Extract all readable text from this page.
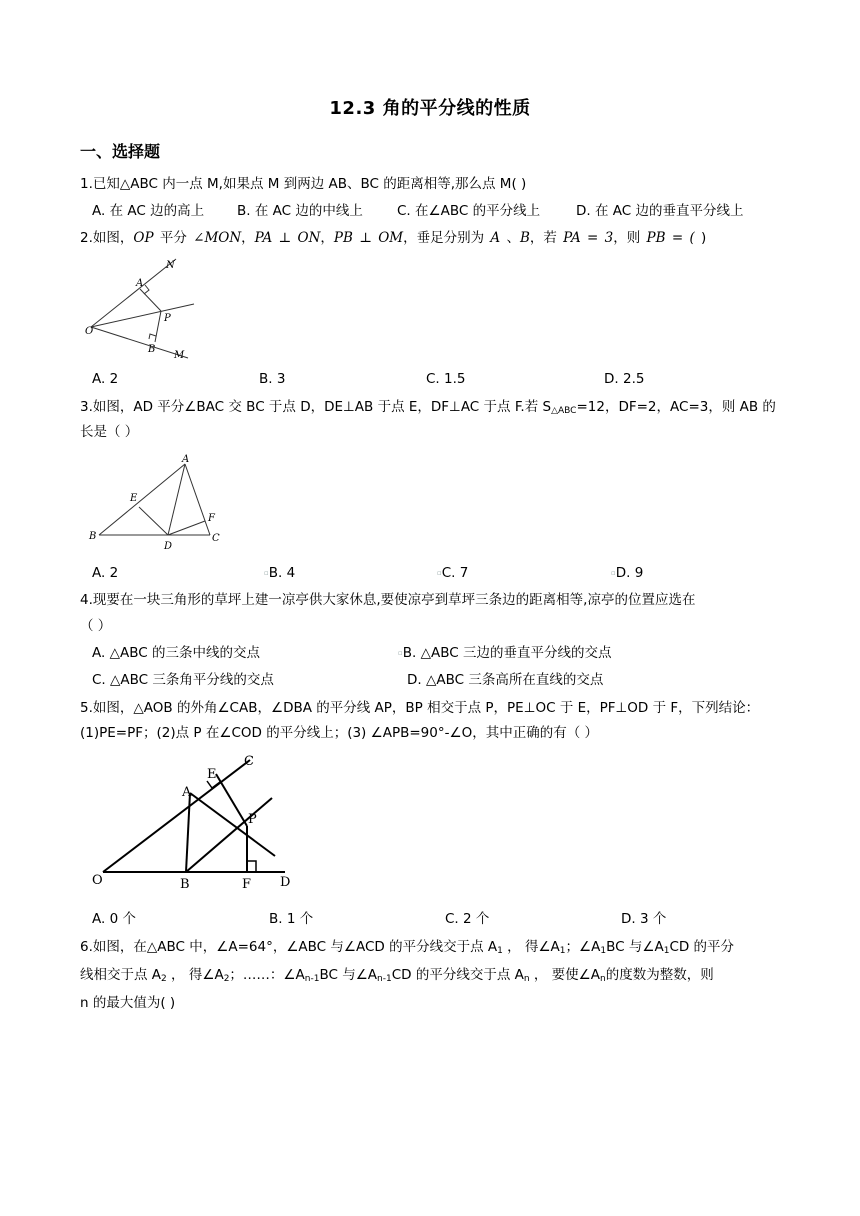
12.3 角的平分线的性质
一、选择题
1.已知△ABC 内一点 M,如果点 M 到两边 AB、BC 的距离相等,那么点 M( )
A. 在 AC 边的高上 B. 在 AC 边的中线上	C. 在∠ABC 的平分线上	D. 在 AC 边的垂直平分线上
2.如图，OP 平分 ∠MON，PA ⊥ ON，PB ⊥ OM，垂足分别为 A 、B，若 PA = 3，则 PB = ( )
N
A
P
O
B
M
A. 2	B. 3	C. 1.5	D. 2.5
3.如图，AD 平分∠BAC 交 BC 于点 D，DE⊥AB 于点 E，DF⊥AC 于点 F.若 $S_{\triangle ABC}=12$，DF=2，AC=3，则 AB 的
长是（ ）
A
E
F
B
D
C
A. 2	▫B. 4	▫C. 7	▫D. 9
4.现要在一块三角形的草坪上建一凉亭供大家休息,要使凉亭到草坪三条边的距离相等,凉亭的位置应选在
（ ）
A. △ABC 的三条中线的交点	▫B. △ABC 三边的垂直平分线的交点
C. △ABC 三条角平分线的交点	D. △ABC 三条高所在直线的交点
5.如图，△AOB 的外角∠CAB，∠DBA 的平分线 AP，BP 相交于点 P，PE⊥OC 于 E，PF⊥OD 于 F，下列结论：
(1)PE=PF；(2)点 P 在∠COD 的平分线上；(3) ∠APB=90°-∠O，其中正确的有（ ）
C
E
A
P
O	B	F D
A. 0 个	B. 1 个	C. 2 个	D. 3 个
6.如图，在△ABC 中，∠A=64°，∠ABC 与∠ACD 的平分线交于点 $A_1$ ， 得$\angle A_1$；$\angle A_1BC$ 与$\angle A_1CD$ 的平分
线相交于点 $A_2$ ， 得$\angle A_2$；……：$\angle A_{n-1}BC$ 与$\angle A_{n-1}CD$ 的平分线交于点 $A_n$ ， 要使$\angle A_n$的度数为整数，则
n 的最大值为( )
